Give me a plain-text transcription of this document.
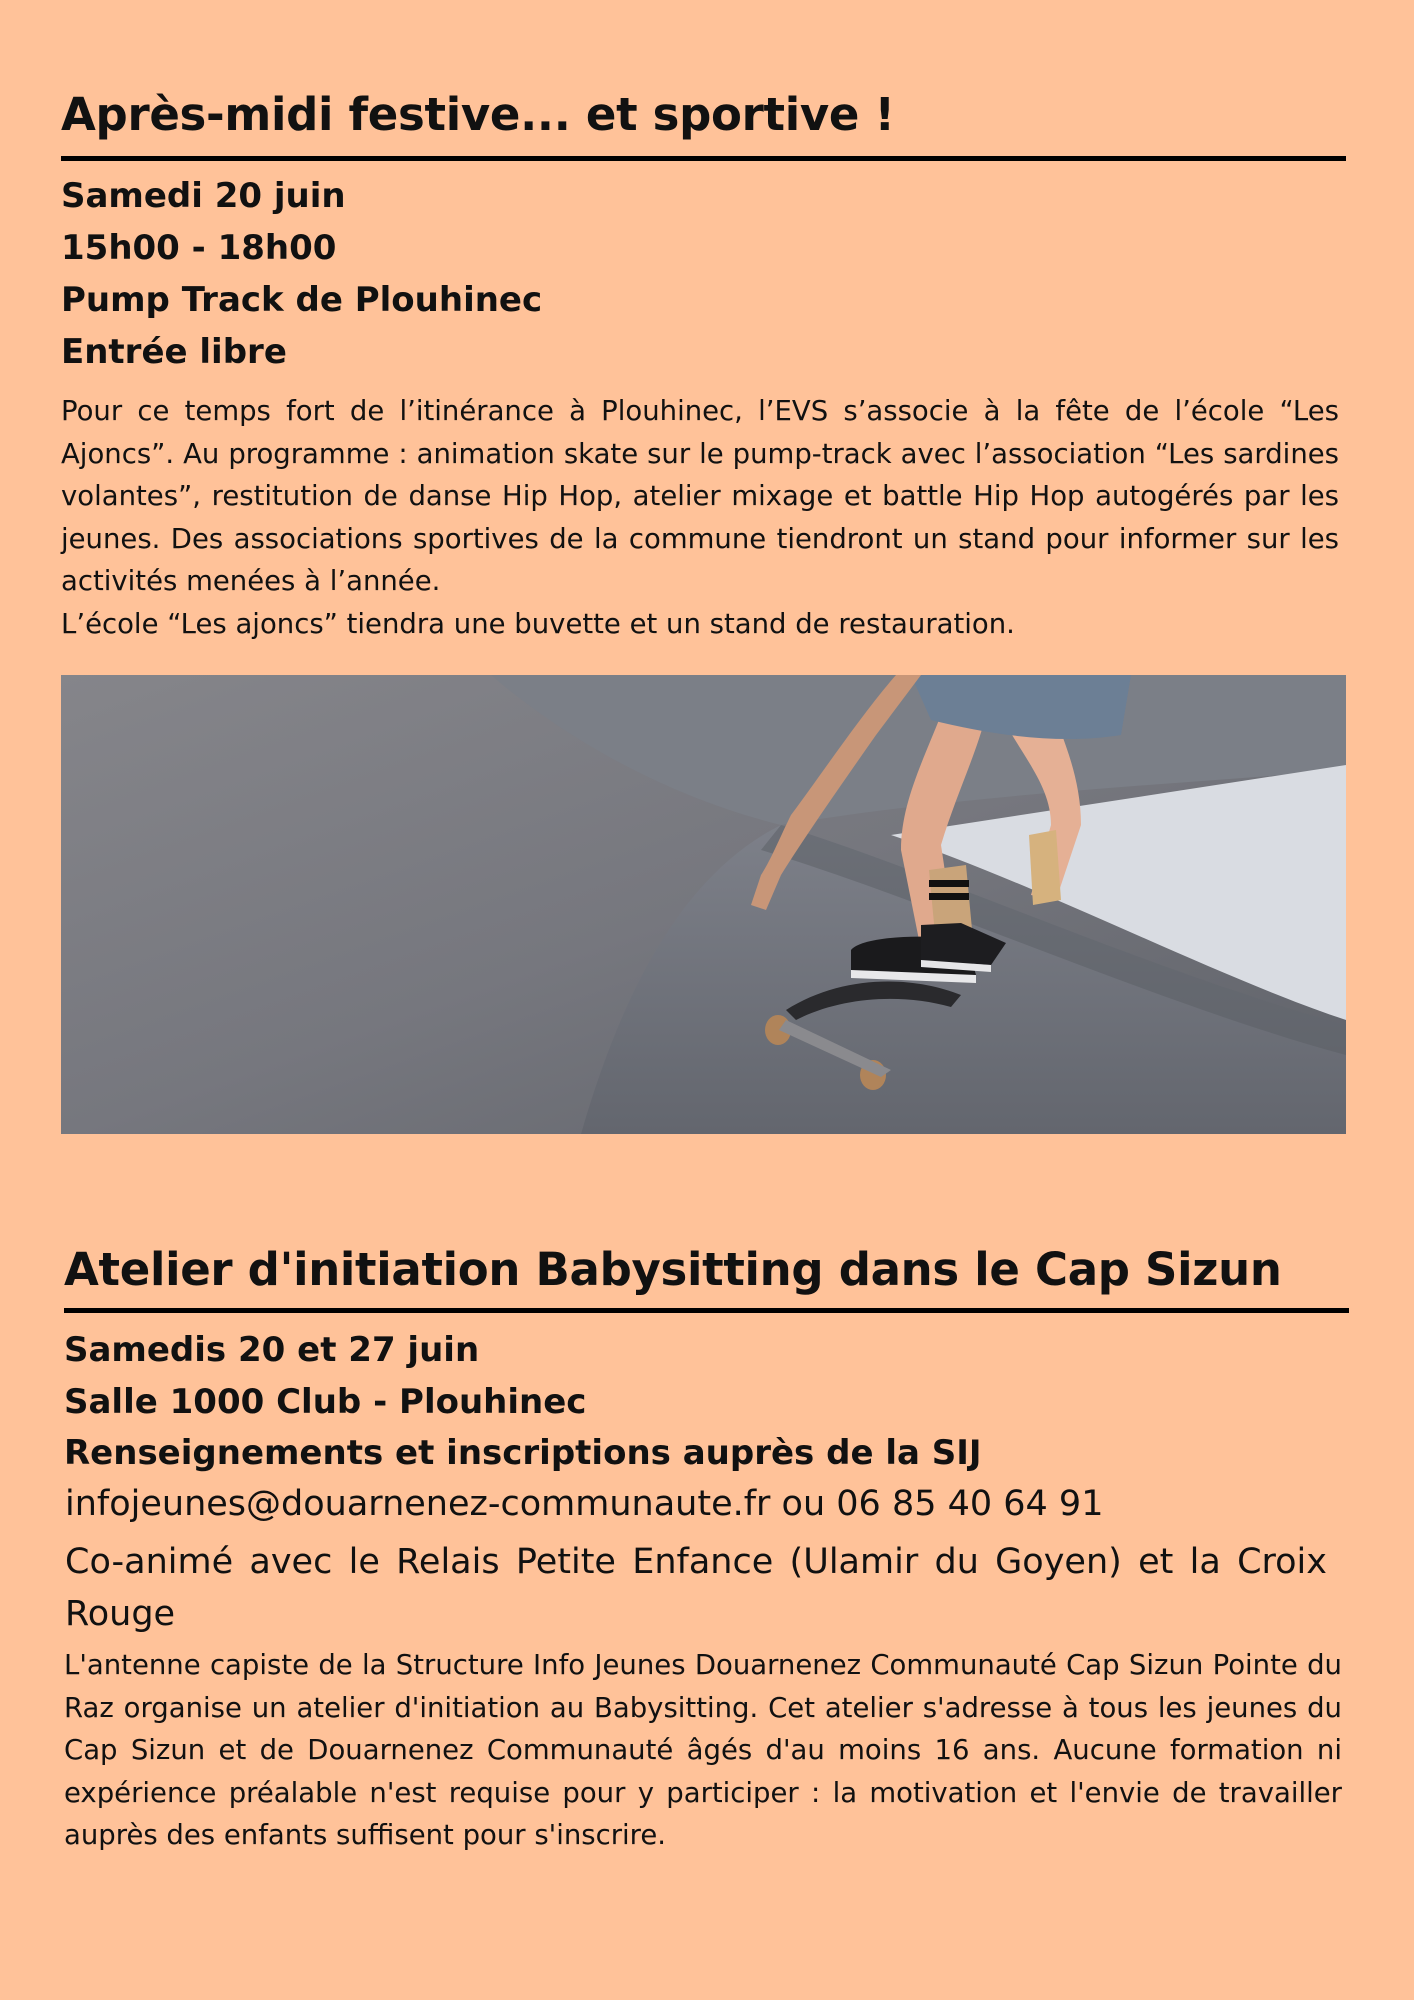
Après-midi festive... et sportive !
Samedi 20 juin
15h00 - 18h00
Pump Track de Plouhinec
Entrée libre

Pour ce temps fort de l’itinérance à Plouhinec, l’EVS s’associe à la fête de l’école “Les Ajoncs”. Au programme : animation skate sur le pump-track avec l’association “Les sardines volantes”, restitution de danse Hip Hop, atelier mixage et battle Hip Hop autogérés par les jeunes. Des associations sportives de la commune tiendront un stand pour informer sur les activités menées à l’année.

L’école “Les ajoncs” tiendra une buvette et un stand de restauration.

Atelier d'initiation Babysitting dans le Cap Sizun
Samedis 20 et 27 juin
Salle 1000 Club - Plouhinec
Renseignements et inscriptions auprès de la SIJ
infojeunes@douarnenez-communaute.fr ou 06 85 40 64 91
Co-animé avec le Relais Petite Enfance (Ulamir du Goyen) et la Croix Rouge

L'antenne capiste de la Structure Info Jeunes Douarnenez Communauté Cap Sizun Pointe du Raz organise un atelier d'initiation au Babysitting. Cet atelier s'adresse à tous les jeunes du Cap Sizun et de Douarnenez Communauté âgés d'au moins 16 ans. Aucune formation ni expérience préalable n'est requise pour y participer : la motivation et l'envie de travailler auprès des enfants suffisent pour s'inscrire.
